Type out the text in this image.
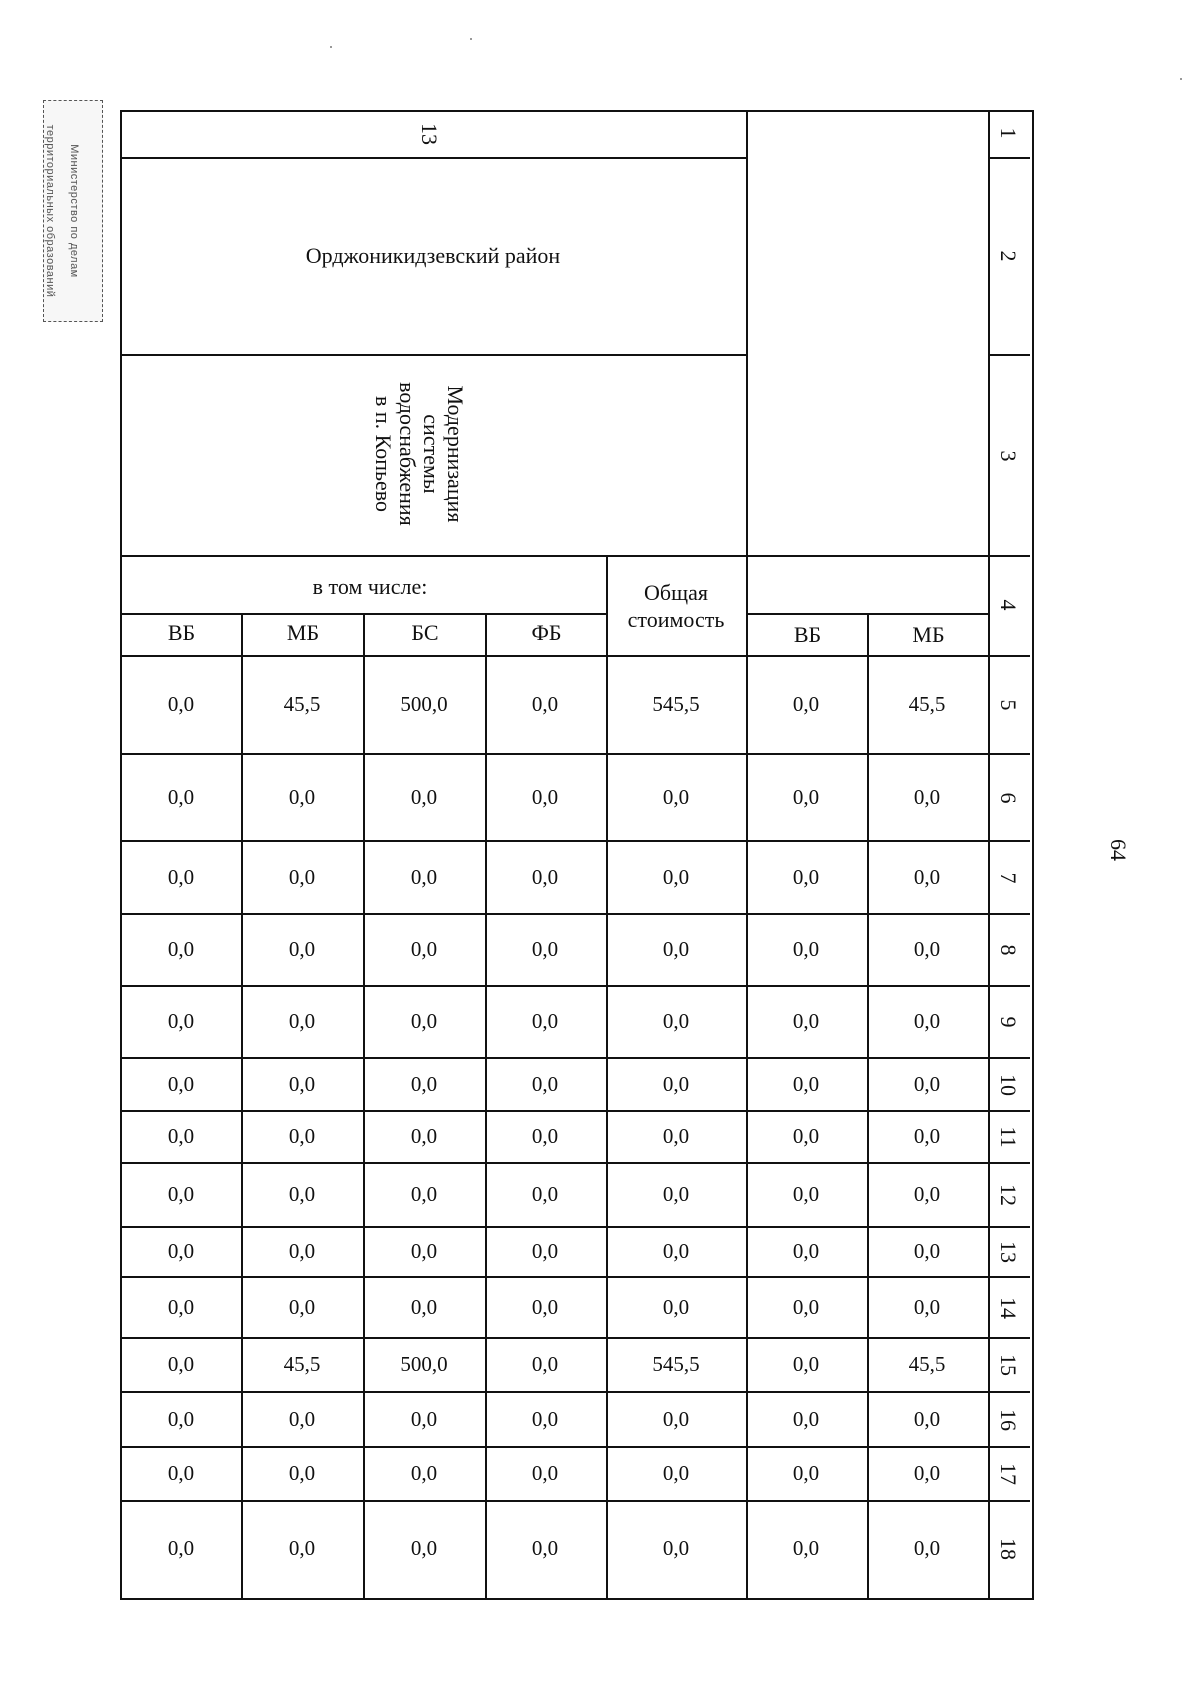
Министерство по делам территориальных образований
64
13
Орджоникидзевский район
Модернизация
системы
водоснабжения
в п. Копьево
в том числе:	Общая
стоимость
ВБ	МБ	БС	ФБ	ВБ	МБ
1
2
3
4
0,0	45,5	500,0	0,0	545,5	0,0	45,5	5
0,0	0,0	0,0	0,0	0,0	0,0	0,0	6
0,0	0,0	0,0	0,0	0,0	0,0	0,0	7
0,0	0,0	0,0	0,0	0,0	0,0	0,0	8
0,0	0,0	0,0	0,0	0,0	0,0	0,0	9
0,0	0,0	0,0	0,0	0,0	0,0	0,0	10
0,0	0,0	0,0	0,0	0,0	0,0	0,0	11
0,0	0,0	0,0	0,0	0,0	0,0	0,0	12
0,0	0,0	0,0	0,0	0,0	0,0	0,0	13
0,0	0,0	0,0	0,0	0,0	0,0	0,0	14
0,0	45,5	500,0	0,0	545,5	0,0	45,5	15
0,0	0,0	0,0	0,0	0,0	0,0	0,0	16
0,0	0,0	0,0	0,0	0,0	0,0	0,0	17
0,0	0,0	0,0	0,0	0,0	0,0	0,0	18
